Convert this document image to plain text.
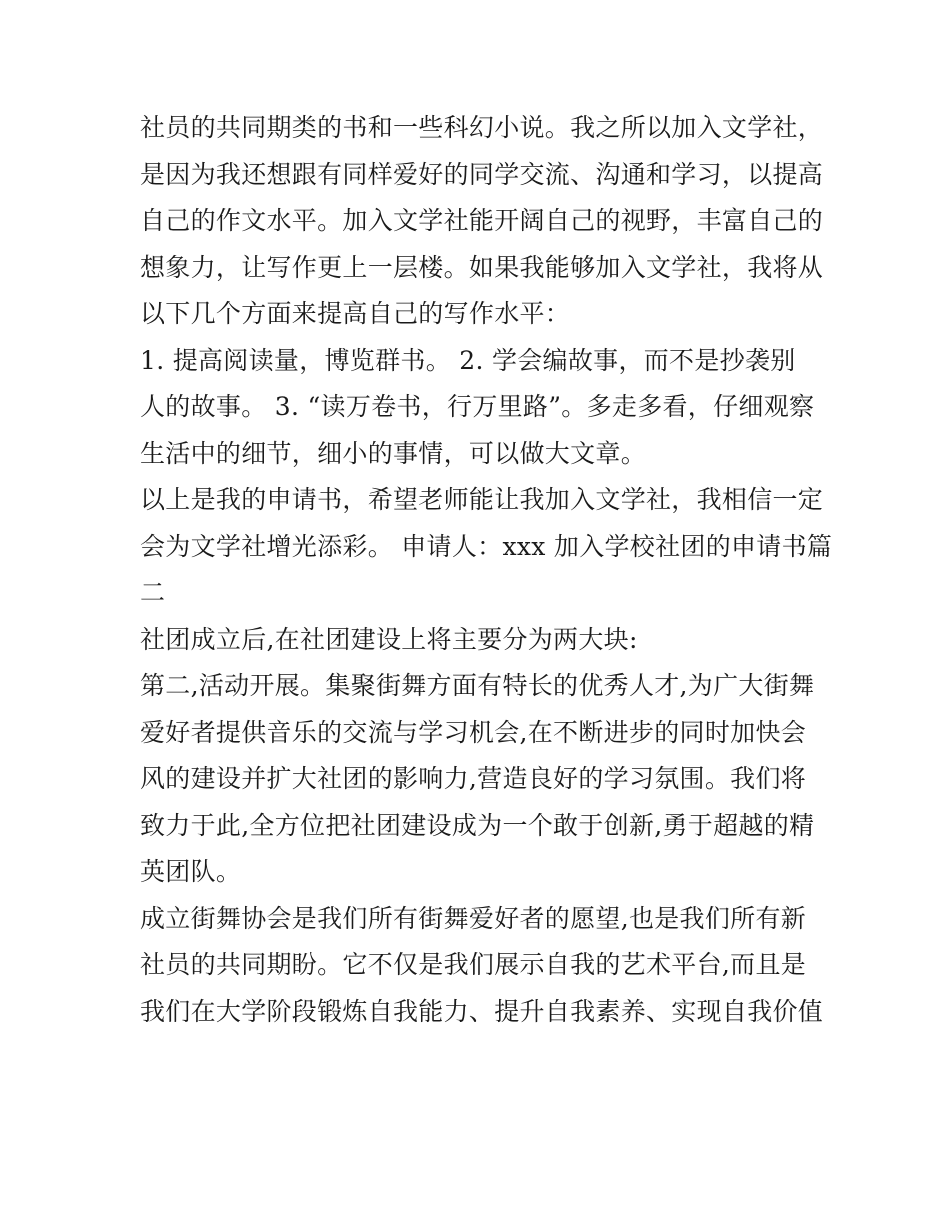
社员的共同期类的书和一些科幻小说。我之所以加入文学社，
是因为我还想跟有同样爱好的同学交流、沟通和学习，以提高
自己的作文水平。加入文学社能开阔自己的视野，丰富自己的
想象力，让写作更上一层楼。如果我能够加入文学社，我将从
以下几个方面来提高自己的写作水平：
1. 提高阅读量，博览群书。 2. 学会编故事，而不是抄袭别
人的故事。 3. “读万卷书，行万里路”。多走多看，仔细观察
生活中的细节，细小的事情，可以做大文章。
以上是我的申请书，希望老师能让我加入文学社，我相信一定
会为文学社增光添彩。 申请人：xxx 加入学校社团的申请书篇
二
社团成立后,在社团建设上将主要分为两大块:
第二,活动开展。集聚街舞方面有特长的优秀人才,为广大街舞
爱好者提供音乐的交流与学习机会,在不断进步的同时加快会
风的建设并扩大社团的影响力,营造良好的学习氛围。我们将
致力于此,全方位把社团建设成为一个敢于创新,勇于超越的精
英团队。
成立街舞协会是我们所有街舞爱好者的愿望,也是我们所有新
社员的共同期盼。它不仅是我们展示自我的艺术平台,而且是
我们在大学阶段锻炼自我能力、提升自我素养、实现自我价值
